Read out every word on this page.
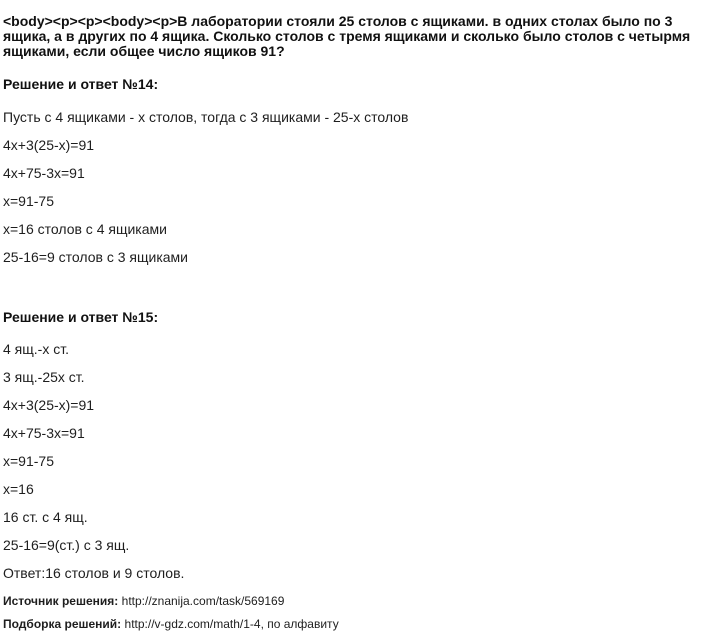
<body><p><p><body><p>В лаборатории стояли 25 столов с ящиками. в одних столах было по 3 ящика, а в других по 4 ящика. Сколько столов с тремя ящиками и сколько было столов с четырмя ящиками, если общее число ящиков 91?

Решение и ответ №14:

Пусть с 4 ящиками - х столов, тогда с 3 ящиками - 25-х столов

4х+3(25-х)=91

4х+75-3х=91

х=91-75

х=16 столов с 4 ящиками

25-16=9 столов с 3 ящиками

Решение и ответ №15:

4 ящ.-х ст.

3 ящ.-25х ст.

4х+3(25-х)=91

4х+75-3х=91

х=91-75

х=16

16 ст. с 4 ящ.

25-16=9(ст.) с 3 ящ.

Ответ:16 столов и 9 столов.

Источник решения: http://znanija.com/task/569169

Подборка решений: http://v-gdz.com/math/1-4, по алфавиту
